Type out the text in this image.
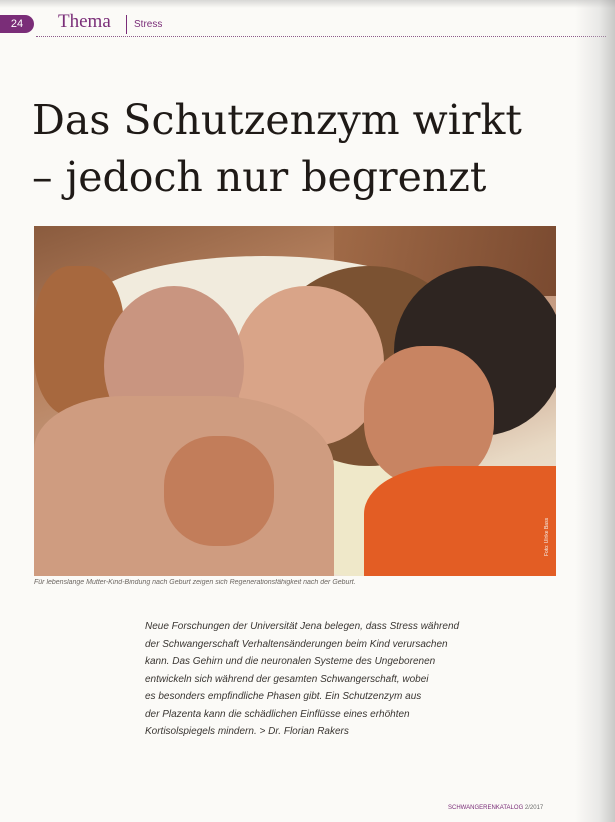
24	Thema Stress
Das Schutzenzym wirkt
– jedoch nur begrenzt
Foto: Ulrike Bass
Für lebenslange Mutter-Kind-Bindung nach Geburt zeigen sich Regenerationsfähigkeit nach der Geburt.
Neue Forschungen der Universität Jena belegen, dass Stress während
der Schwangerschaft Verhaltensänderungen beim Kind verursachen
kann. Das Gehirn und die neuronalen Systeme des Ungeborenen
entwickeln sich während der gesamten Schwangerschaft, wobei
es besonders empfindliche Phasen gibt. Ein Schutzenzym aus
der Plazenta kann die schädlichen Einflüsse eines erhöhten
Kortisolspiegels mindern. > Dr. Florian Rakers
SCHWANGERENKATALOG 2/2017
